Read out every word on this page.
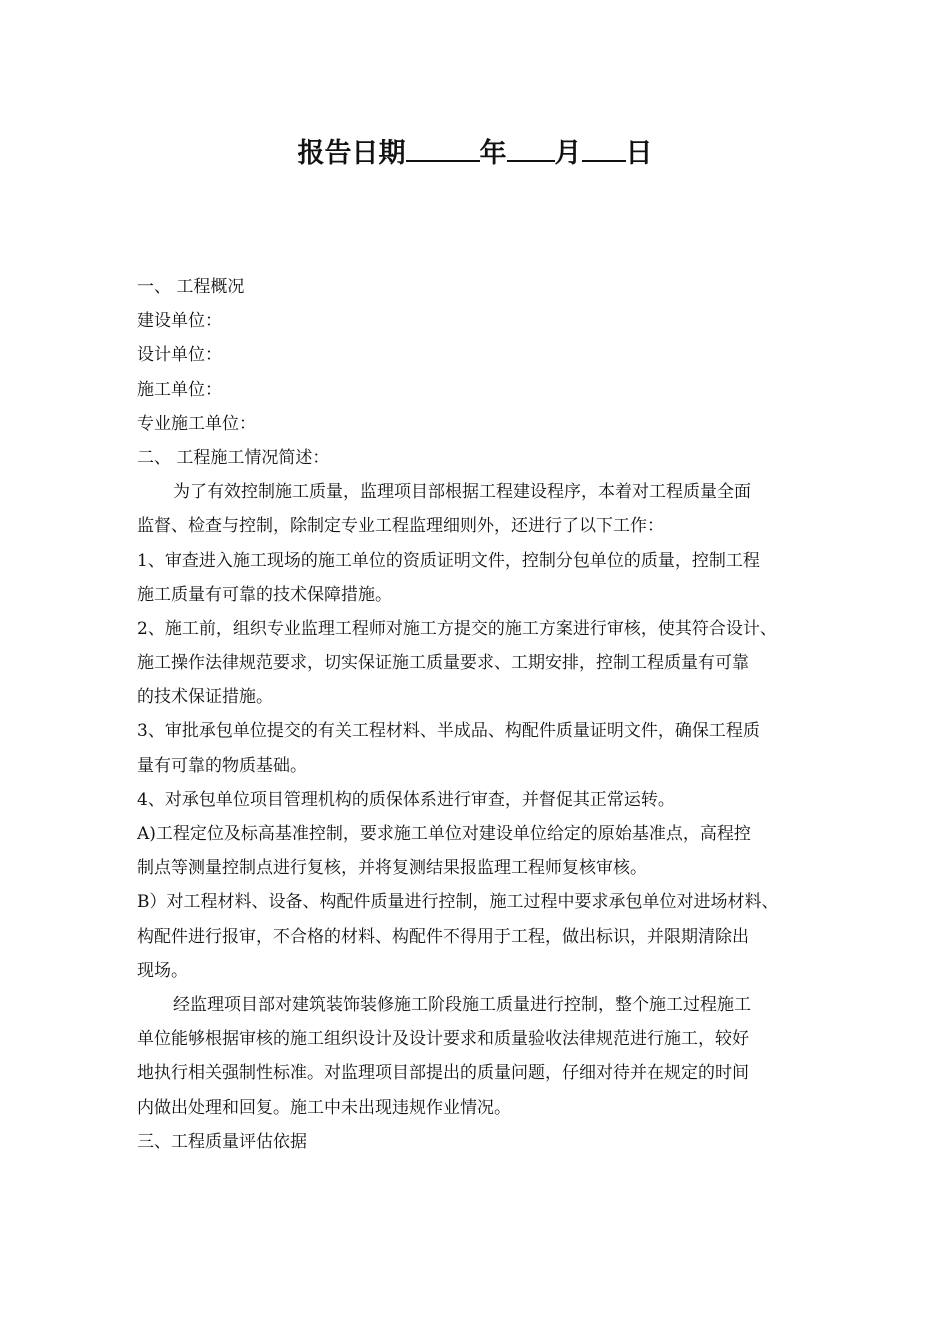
报告日期	年 月 日
一、 工程概况
建设单位：
设计单位：
施工单位：
专业施工单位：
二、 工程施工情况简述：
为了有效控制施工质量，监理项目部根据工程建设程序，本着对工程质量全面
监督、检查与控制，除制定专业工程监理细则外，还进行了以下工作：
1、审查进入施工现场的施工单位的资质证明文件，控制分包单位的质量，控制工程
施工质量有可靠的技术保障措施。
2、施工前，组织专业监理工程师对施工方提交的施工方案进行审核，使其符合设计、
施工操作法律规范要求，切实保证施工质量要求、工期安排，控制工程质量有可靠
的技术保证措施。
3、审批承包单位提交的有关工程材料、半成品、构配件质量证明文件，确保工程质
量有可靠的物质基础。
4、对承包单位项目管理机构的质保体系进行审查，并督促其正常运转。
A)工程定位及标高基准控制，要求施工单位对建设单位给定的原始基准点，高程控
制点等测量控制点进行复核，并将复测结果报监理工程师复核审核。
B）对工程材料、设备、构配件质量进行控制，施工过程中要求承包单位对进场材料、
构配件进行报审，不合格的材料、构配件不得用于工程，做出标识，并限期清除出
现场。
经监理项目部对建筑装饰装修施工阶段施工质量进行控制，整个施工过程施工
单位能够根据审核的施工组织设计及设计要求和质量验收法律规范进行施工，较好
地执行相关强制性标准。对监理项目部提出的质量问题，仔细对待并在规定的时间
内做出处理和回复。施工中未出现违规作业情况。
三、工程质量评估依据
